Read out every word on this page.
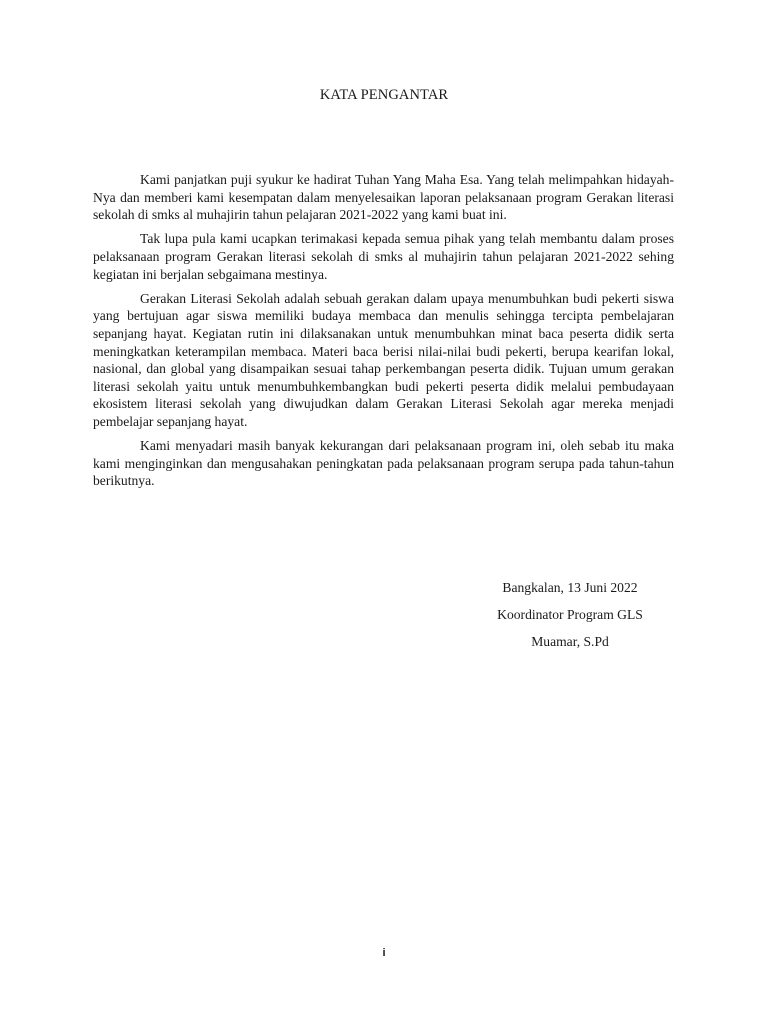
KATA PENGANTAR

Kami panjatkan puji syukur ke hadirat Tuhan Yang Maha Esa. Yang telah melimpahkan hidayah-Nya dan memberi kami kesempatan dalam menyelesaikan laporan pelaksanaan program Gerakan literasi sekolah di smks al muhajirin tahun pelajaran 2021-2022 yang kami buat ini.

Tak lupa pula kami ucapkan terimakasi kepada semua pihak yang telah membantu dalam proses pelaksanaan program Gerakan literasi sekolah di smks al muhajirin tahun pelajaran 2021-2022 sehing kegiatan ini berjalan sebgaimana mestinya.

Gerakan Literasi Sekolah adalah sebuah gerakan dalam upaya menumbuhkan budi pekerti siswa yang bertujuan agar siswa memiliki budaya membaca dan menulis sehingga tercipta pembelajaran sepanjang hayat. Kegiatan rutin ini dilaksanakan untuk menumbuhkan minat baca peserta didik serta meningkatkan keterampilan membaca. Materi baca berisi nilai-nilai budi pekerti, berupa kearifan lokal, nasional, dan global yang disampaikan sesuai tahap perkembangan peserta didik. Tujuan umum gerakan literasi sekolah yaitu untuk menumbuhkembangkan budi pekerti peserta didik melalui pembudayaan ekosistem literasi sekolah yang diwujudkan dalam Gerakan Literasi Sekolah agar mereka menjadi pembelajar sepanjang hayat.

Kami menyadari masih banyak kekurangan dari pelaksanaan program ini, oleh sebab itu maka kami menginginkan dan mengusahakan peningkatan pada pelaksanaan program serupa pada tahun-tahun berikutnya.

Bangkalan, 13 Juni 2022
Koordinator Program GLS
Muamar, S.Pd
i
